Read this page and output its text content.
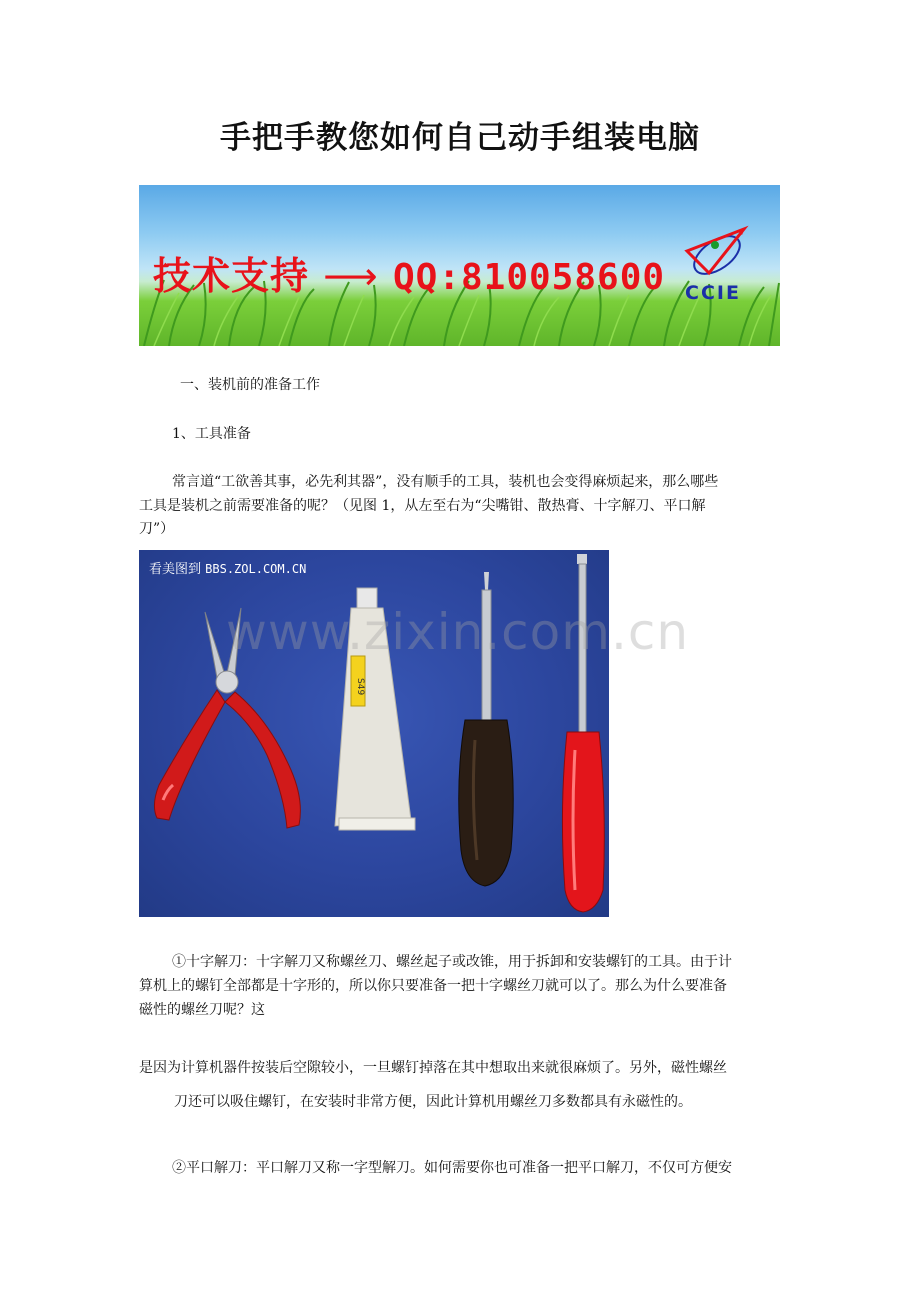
手把手教您如何自己动手组装电脑
技术支持 ⟶ QQ:810058600 CCIE

一、装机前的准备工作

1、工具准备

常言道“工欲善其事，必先利其器”，没有顺手的工具，装机也会变得麻烦起来，那么哪些

工具是装机之前需要准备的呢？（见图 1，从左至右为“尖嘴钳、散热膏、十字解刀、平口解

刀”）

看美图到 BBS.ZOL.COM.CN
S49
www.zixin.com.cn

①十字解刀：十字解刀又称螺丝刀、螺丝起子或改锥，用于拆卸和安装螺钉的工具。由于计

算机上的螺钉全部都是十字形的，所以你只要准备一把十字螺丝刀就可以了。那么为什么要准备

磁性的螺丝刀呢？这

是因为计算机器件按装后空隙较小，一旦螺钉掉落在其中想取出来就很麻烦了。另外，磁性螺丝

刀还可以吸住螺钉，在安装时非常方便，因此计算机用螺丝刀多数都具有永磁性的。

②平口解刀：平口解刀又称一字型解刀。如何需要你也可准备一把平口解刀，不仅可方便安
